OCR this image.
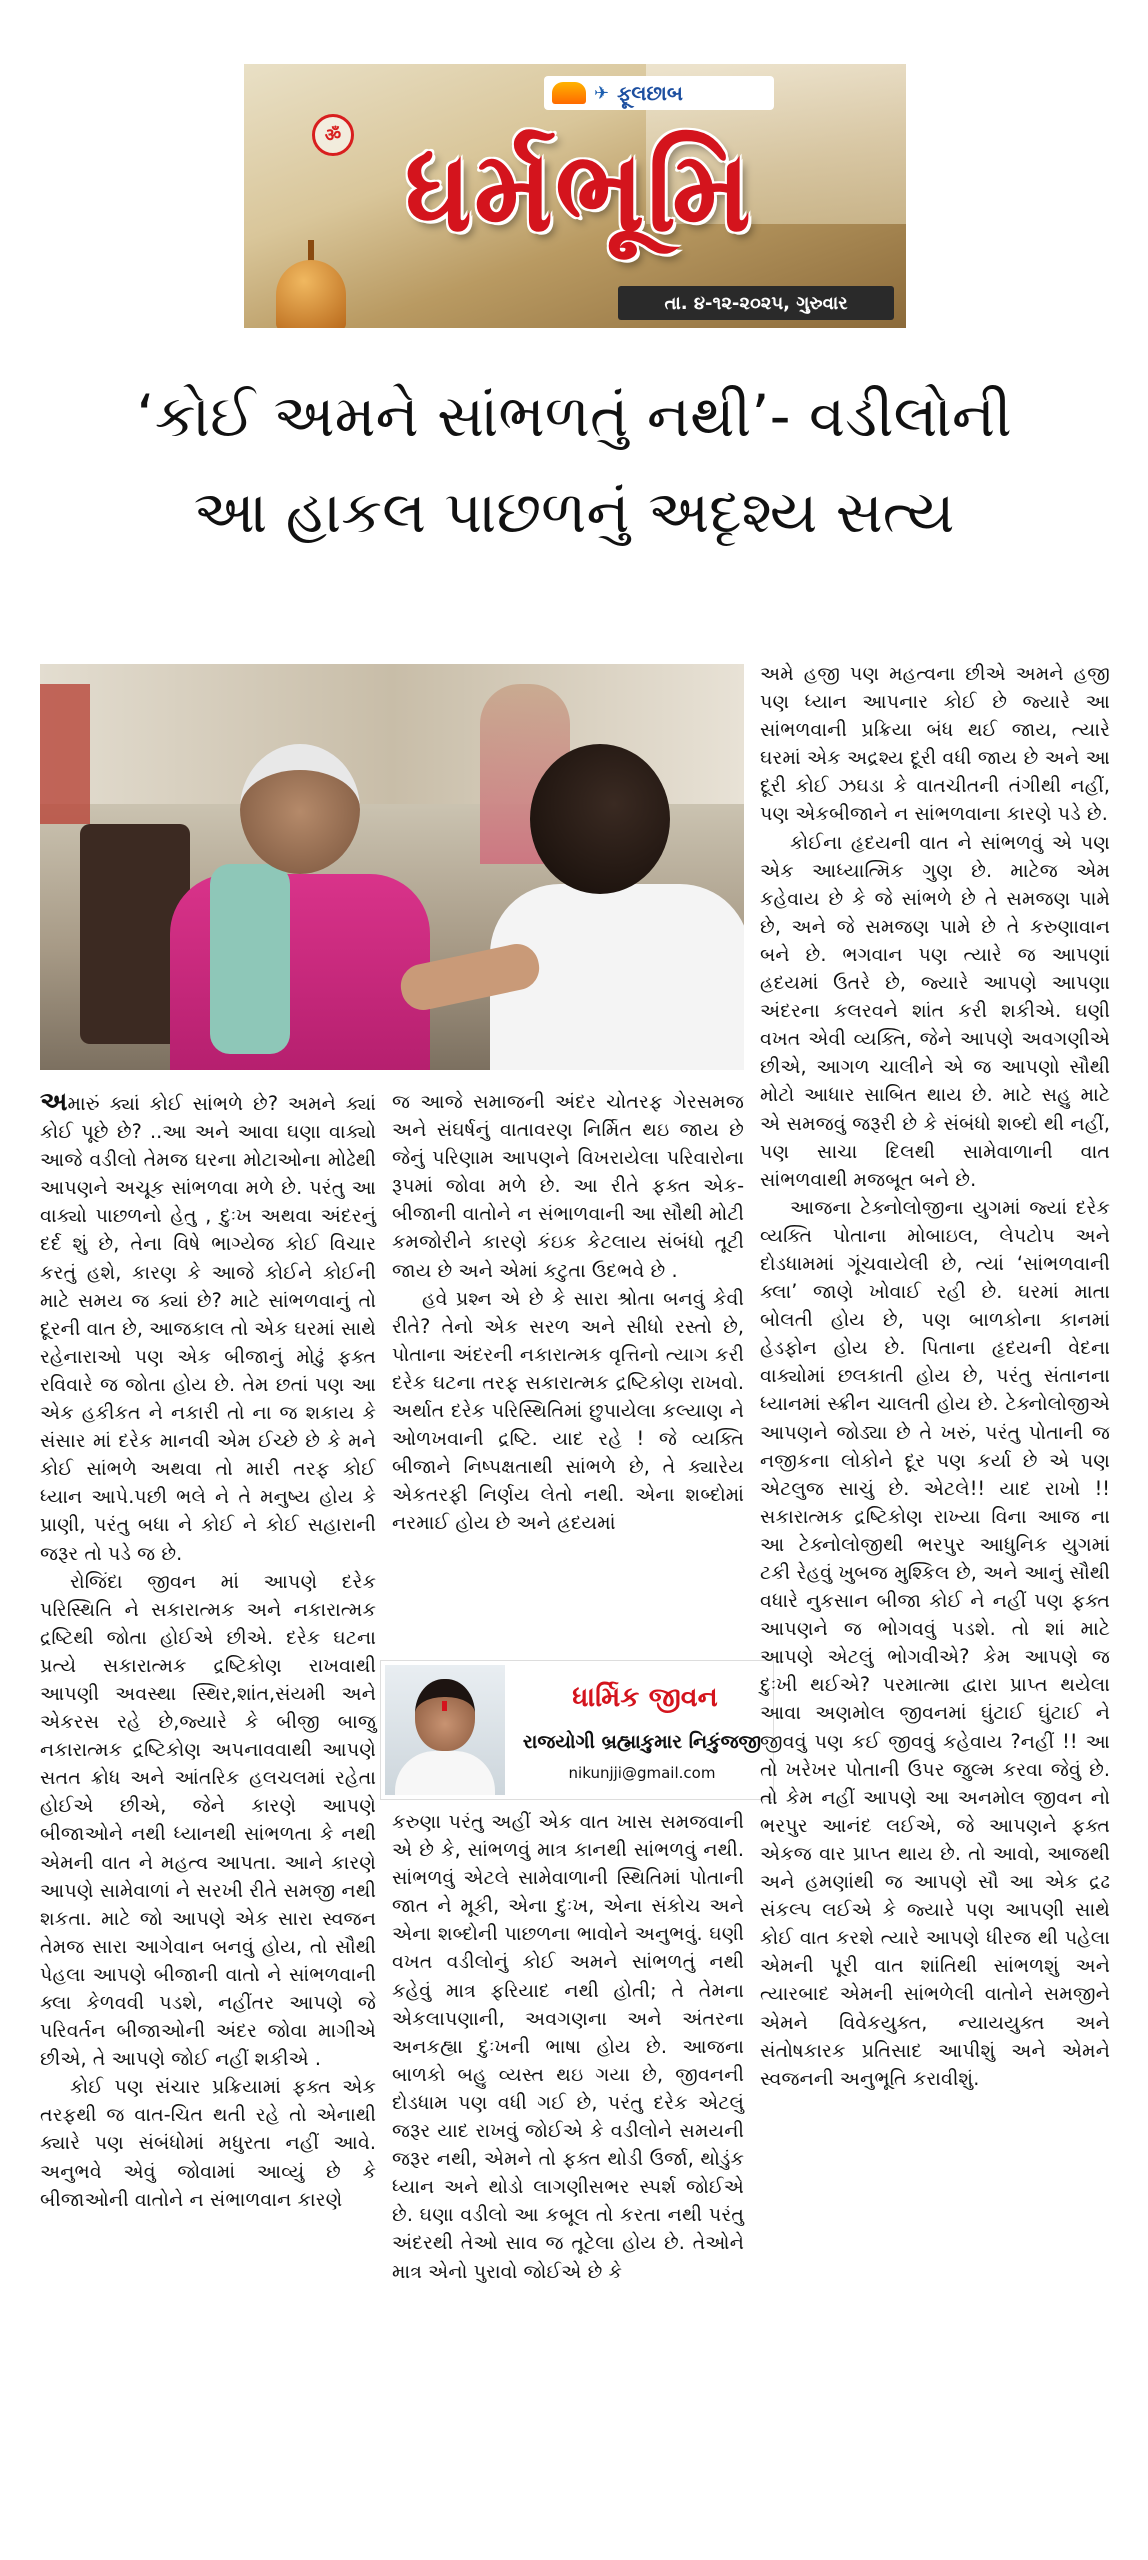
✈ ફૂલછાબ
ॐ ધર્મભૂમિ
તા. ૪-૧૨-૨૦૨૫, ગુરુવાર
‘કોઈ અમને સાંભળતું નથી’- વડીલોની
આ હાકલ પાછળનું અદૃશ્ય સત્ય

અમારું ક્યાં કોઈ સાંભળે છે? અમને ક્યાં કોઈ પૂછે છે? ..આ અને આવા ઘણા વાક્યો આજે વડીલો તેમજ ઘરના મોટાઓના મોઢેથી આપણને અચૂક સાંભળવા મળે છે. પરંતુ આ વાક્યો પાછળનો હેતુ , દુઃખ અથવા અંદરનું દર્દ શું છે, તેના વિષે ભાગ્યેજ કોઈ વિચાર કરતું હશે, કારણ કે આજે કોઈને કોઈની માટે સમય જ ક્યાં છે? માટે સાંભળવાનું તો દૂરની વાત છે, આજકાલ તો એક ઘરમાં સાથે રહેનારાઓ પણ એક બીજાનું મોઢું ફક્ત રવિવારે જ જોતા હોય છે. તેમ છતાં પણ આ એક હકીકત ને નકારી તો ના જ શકાય કે સંસાર માં દરેક માનવી એમ ઈચ્છે છે કે મને કોઈ સાંભળે અથવા તો મારી તરફ કોઈ ધ્યાન આપે.પછી ભલે ને તે મનુષ્ય હોય કે પ્રાણી, પરંતુ બધા ને કોઈ ને કોઈ સહારાની જરૂર તો પડે જ છે.

રોજિંદા જીવન માં આપણે દરેક પરિસ્થિતિ ને સકારાત્મક અને નકારાત્મક દ્રષ્ટિથી જોતા હોઈએ છીએ. દરેક ઘટના પ્રત્યે સકારાત્મક દ્રષ્ટિકોણ રાખવાથી આપણી અવસ્થા સ્થિર,શાંત,સંયમી અને એકરસ રહે છે,જ્યારે કે બીજી બાજુ નકારાત્મક દ્રષ્ટિકોણ અપનાવવાથી આપણે સતત ક્રોધ અને આંતરિક હલચલમાં રહેતા હોઈએ છીએ, જેને કારણે આપણે બીજાઓને નથી ધ્યાનથી સાંભળતા કે નથી એમની વાત ને મહત્વ આપતા. આને કારણે આપણે સામેવાળાં ને સરખી રીતે સમજી નથી શકતા. માટે જો આપણે એક સારા સ્વજન તેમજ સારા આગેવાન બનવું હોય, તો સૌથી પેહલા આપણે બીજાની વાતો ને સાંભળવાની ક્લા કેળવવી પડશે, નહીંતર આપણે જે પરિવર્તન બીજાઓની અંદર જોવા માગીએ છીએ, તે આપણે જોઈ નહીં શકીએ .

કોઈ પણ સંચાર પ્રક્રિયામાં ફક્ત એક તરફથી જ વાત-ચિત થતી રહે તો એનાથી ક્યારે પણ સંબંધોમાં મધુરતા નહીં આવે. અનુભવે એવું જોવામાં આવ્યું છે કે બીજાઓની વાતોને ન સંભાળવાન કારણે

જ આજે સમાજની અંદર ચોતરફ ગેરસમજ અને સંઘર્ષનું વાતાવરણ નિર્મિત થઇ જાય છે જેનું પરિણામ આપણને વિખરાયેલા પરિવારોના રૂપમાં જોવા મળે છે. આ રીતે ફક્ત એક-બીજાની વાતોને ન સંભાળવાની આ સૌથી મોટી કમજોરીને કારણે કંઇક કેટલાય સંબંધો તૂટી જાય છે અને એમાં કટુતા ઉદભવે છે .

હવે પ્રશ્ન એ છે કે સારા શ્રોતા બનવું કેવી રીતે? તેનો એક સરળ અને સીધો રસ્તો છે, પોતાના અંદરની નકારાત્મક વૃત્તિનો ત્યાગ કરી દરેક ઘટના તરફ સકારાત્મક દ્રષ્ટિકોણ રાખવો. અર્થાત દરેક પરિસ્થિતિમાં છુપાયેલા કલ્યાણ ને ઓળખવાની દ્રષ્ટિ. યાદ રહે ! જે વ્યક્તિ બીજાને નિષ્પક્ષતાથી સાંભળે છે, તે ક્યારેય એકતરફી નિર્ણય લેતો નથી. એના શબ્દોમાં નરમાઈ હોય છે અને હ્રદયમાં

ધાર્મિક જીવન
રાજયોગી બ્રહ્માકુમાર નિકુંજજી
nikunjji@gmail.com

કરુણા પરંતુ અહીં એક વાત ખાસ સમજવાની એ છે કે, સાંભળવું માત્ર કાનથી સાંભળવું નથી. સાંભળવું એટલે સામેવાળાની સ્થિતિમાં પોતાની જાત ને મૂકી, એના દુઃખ, એના સંકોચ અને એના શબ્દોની પાછળના ભાવોને અનુભવું. ઘણી વખત વડીલોનું કોઈ અમને સાંભળતું નથી કહેવું માત્ર ફરિયાદ નથી હોતી; તે તેમના એકલાપણાની, અવગણના અને અંતરના અનકહ્યા દુઃખની ભાષા હોય છે. આજના બાળકો બહુ વ્યસ્ત થઇ ગયા છે, જીવનની દોડધામ પણ વધી ગઈ છે, પરંતુ દરેક એટલું જરૂર યાદ રાખવું જોઈએ કે વડીલોને સમયની જરૂર નથી, એમને તો ફક્ત થોડી ઉર્જા, થોડુંક ધ્યાન અને થોડો લાગણીસભર સ્પર્શ જોઈએ છે. ઘણા વડીલો આ કબૂલ તો કરતા નથી પરંતુ અંદરથી તેઓ સાવ જ તૂટેલા હોય છે. તેઓને માત્ર એનો પુરાવો જોઈએ છે કે

અમે હજી પણ મહત્વના છીએ અમને હજી પણ ધ્યાન આપનાર કોઈ છે જ્યારે આ સાંભળવાની પ્રક્રિયા બંધ થઈ જાય, ત્યારે ઘરમાં એક અદ્રશ્ય દૂરી વધી જાય છે અને આ દૂરી કોઈ ઝઘડા કે વાતચીતની તંગીથી નહીં, પણ એકબીજાને ન સાંભળવાના કારણે પડે છે.

કોઈના હૃદયની વાત ને સાંભળવું એ પણ એક આધ્યાત્મિક ગુણ છે. માટેજ એમ કહેવાય છે કે જે સાંભળે છે તે સમજણ પામે છે, અને જે સમજણ પામે છે તે કરુણાવાન બને છે. ભગવાન પણ ત્યારે જ આપણાં હ્રદયમાં ઉતરે છે, જ્યારે આપણે આપણા અંદરના કલરવને શાંત કરી શકીએ. ઘણી વખત એવી વ્યક્તિ, જેને આપણે અવગણીએ છીએ, આગળ ચાલીને એ જ આપણો સૌથી મોટો આધાર સાબિત થાય છે. માટે સહુ માટે એ સમજવું જરૂરી છે કે સંબંધો શબ્દો થી નહીં, પણ સાચા દિલથી સામેવાળાની વાત સાંભળવાથી મજબૂત બને છે.

આજના ટેક્નોલોજીના યુગમાં જ્યાં દરેક વ્યક્તિ પોતાના મોબાઇલ, લેપટોપ અને દોડધામમાં ગૂંચવાયેલી છે, ત્યાં ‘સાંભળવાની ક્લા’ જાણે ખોવાઈ રહી છે. ઘરમાં માતા બોલતી હોય છે, પણ બાળકોના કાનમાં હેડફોન હોય છે. પિતાના હૃદયની વેદના વાક્યોમાં છલકાતી હોય છે, પરંતુ સંતાનના ધ્યાનમાં સ્ક્રીન ચાલતી હોય છે. ટેક્નોલોજીએ આપણને જોડ્યા છે તે ખરું, પરંતુ પોતાની જ નજીકના લોકોને દૂર પણ કર્યા છે એ પણ એટલુજ સાચું છે. એટલે!! યાદ રાખો !! સકારાત્મક દ્રષ્ટિકોણ રાખ્યા વિના આજ ના આ ટેક્નોલોજીથી ભરપુર આધુનિક યુગમાં ટકી રેહવું ખુબજ મુશ્કિલ છે, અને આનું સૌથી વધારે નુકસાન બીજા કોઈ ને નહીં પણ ફક્ત આપણને જ ભોગવવું પડશે. તો શાં માટે આપણે એટલું ભોગવીએ? કેમ આપણે જ દુઃખી થઈએ? પરમાત્મા દ્વારા પ્રાપ્ત થયેલા આવા અણમોલ જીવનમાં ઘુંટાઈ ઘુંટાઈ ને જીવવું પણ કઈ જીવવું કહેવાય ?નહીં !! આ તો ખરેખર પોતાની ઉપર જુલ્મ કરવા જેવું છે. તો કેમ નહીં આપણે આ અનમોલ જીવન નો ભરપુર આનંદ લઈએ, જે આપણને ફક્ત એકજ વાર પ્રાપ્ત થાય છે. તો આવો, આજથી અને હમણાંથી જ આપણે સૌ આ એક દ્રઢ સંકલ્પ લઈએ કે જ્યારે પણ આપણી સાથે કોઈ વાત કરશે ત્યારે આપણે ધીરજ થી પહેલા એમની પૂરી વાત શાંતિથી સાંભળશું અને ત્યારબાદ એમની સાંભળેલી વાતોને સમજીને એમને વિવેકયુક્ત, ન્યાયયુક્ત અને સંતોષકારક પ્રતિસાદ આપીશું અને એમને સ્વજનની અનુભૂતિ કરાવીશું.
